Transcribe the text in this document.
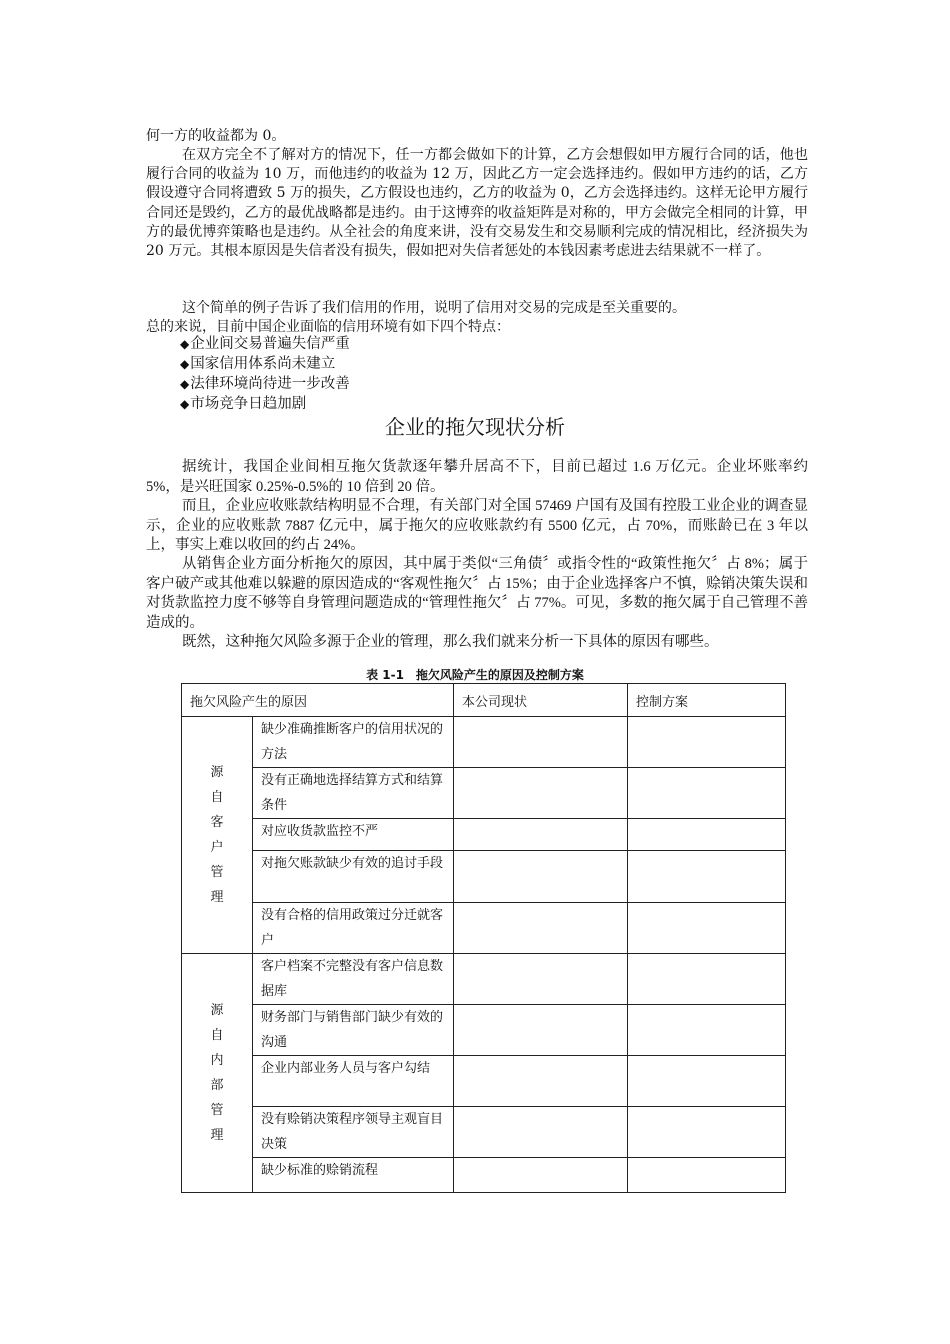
何一方的收益都为 0。

在双方完全不了解对方的情况下，任一方都会做如下的计算，乙方会想假如甲方履行合同的话，他也履行合同的收益为 10 万，而他违约的收益为 12 万，因此乙方一定会选择违约。假如甲方违约的话，乙方假设遵守合同将遭致 5 万的损失，乙方假设也违约，乙方的收益为 0，乙方会选择违约。这样无论甲方履行合同还是毁约，乙方的最优战略都是违约。由于这博弈的收益矩阵是对称的，甲方会做完全相同的计算，甲方的最优博弈策略也是违约。从全社会的角度来讲，没有交易发生和交易顺利完成的情况相比，经济损失为 20 万元。其根本原因是失信者没有损失，假如把对失信者惩处的本钱因素考虑进去结果就不一样了。

这个简单的例子告诉了我们信用的作用，说明了信用对交易的完成是至关重要的。

总的来说，目前中国企业面临的信用环境有如下四个特点：

◆ 企业间交易普遍失信严重
◆ 国家信用体系尚未建立
◆ 法律环境尚待进一步改善
◆ 市场竞争日趋加剧
企业的拖欠现状分析

据统计，我国企业间相互拖欠货款逐年攀升居高不下，目前已超过 1.6 万亿元。企业坏账率约 5%，是兴旺国家 0.25%-0.5%的 10 倍到 20 倍。

而且，企业应收账款结构明显不合理，有关部门对全国 57469 户国有及国有控股工业企业的调查显示，企业的应收账款 7887 亿元中，属于拖欠的应收账款约有 5500 亿元，占 70%，而账龄已在 3 年以上，事实上难以收回的约占 24%。

从销售企业方面分析拖欠的原因，其中属于类似“三角债〞或指令性的“政策性拖欠〞占 8%；属于客户破产或其他难以躲避的原因造成的“客观性拖欠〞占 15%；由于企业选择客户不慎，赊销决策失误和对货款监控力度不够等自身管理问题造成的“管理性拖欠〞占 77%。可见，多数的拖欠属于自己管理不善造成的。

既然，这种拖欠风险多源于企业的管理，那么我们就来分析一下具体的原因有哪些。

表 1-1　拖欠风险产生的原因及控制方案

拖欠风险产生的原因		本公司现状	控制方案
源自客户管理	缺少准确推断客户的信用状况的方法		
	没有正确地选择结算方式和结算条件		
	对应收货款监控不严		
	对拖欠账款缺少有效的追讨手段		
	没有合格的信用政策过分迁就客户		
源自内部管理	客户档案不完整没有客户信息数据库		
	财务部门与销售部门缺少有效的沟通		
	企业内部业务人员与客户勾结		
	没有赊销决策程序领导主观盲目决策		
	缺少标准的赊销流程		
